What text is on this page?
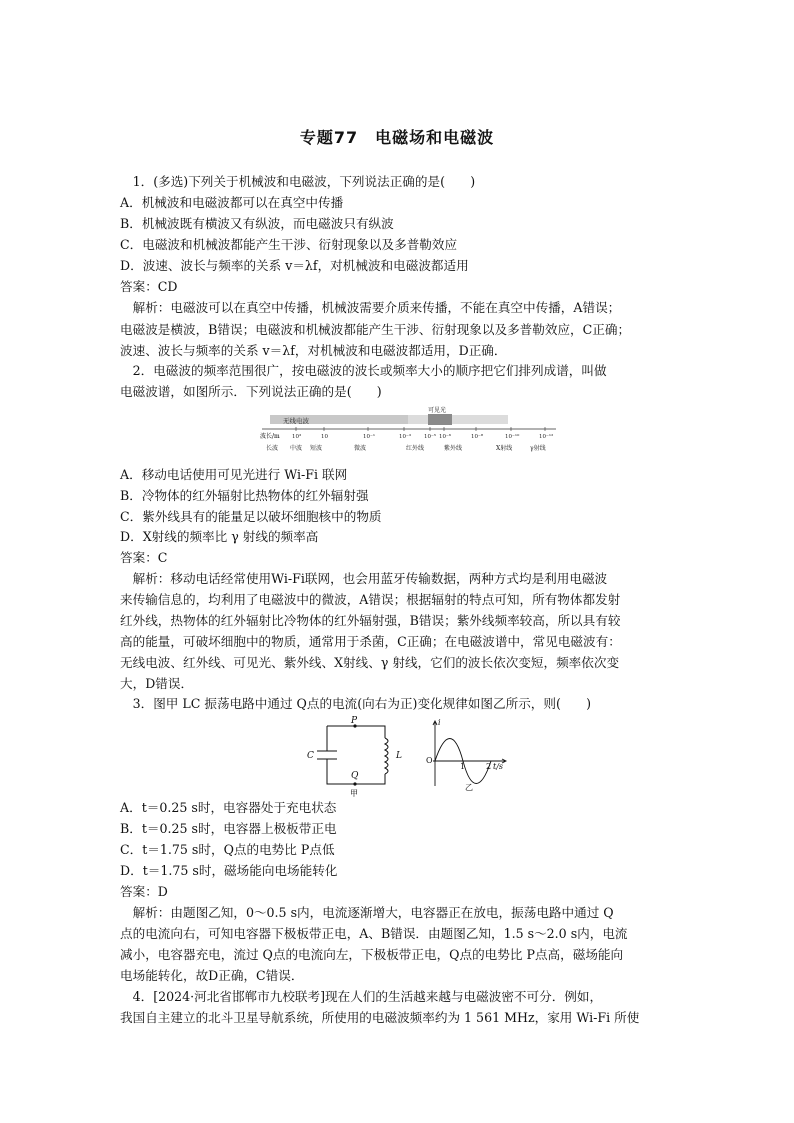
专题77　电磁场和电磁波
　1．(多选)下列关于机械波和电磁波，下列说法正确的是(　　)
A．机械波和电磁波都可以在真空中传播
B．机械波既有横波又有纵波，而电磁波只有纵波
C．电磁波和机械波都能产生干涉、衍射现象以及多普勒效应
D．波速、波长与频率的关系 v＝λf，对机械波和电磁波都适用
答案：CD
　解析：电磁波可以在真空中传播，机械波需要介质来传播，不能在真空中传播，A错误；
电磁波是横波，B错误；电磁波和机械波都能产生干涉、衍射现象以及多普勒效应，C正确；
波速、波长与频率的关系 v＝λf，对机械波和电磁波都适用，D正确．
　2．电磁波的频率范围很广，按电磁波的波长或频率大小的顺序把它们排列成谱，叫做
电磁波谱，如图所示．下列说法正确的是(　　)
A．移动电话使用可见光进行 Wi-Fi 联网
B．冷物体的红外辐射比热物体的红外辐射强
C．紫外线具有的能量足以破坏细胞核中的物质
D．X射线的频率比 γ 射线的频率高
答案：C
　解析：移动电话经常使用Wi-Fi联网，也会用蓝牙传输数据，两种方式均是利用电磁波
来传输信息的，均利用了电磁波中的微波，A错误；根据辐射的特点可知，所有物体都发射
红外线，热物体的红外辐射比冷物体的红外辐射强，B错误；紫外线频率较高，所以具有较
高的能量，可破坏细胞中的物质，通常用于杀菌，C正确；在电磁波谱中，常见电磁波有：
无线电波、红外线、可见光、紫外线、X射线、γ 射线，它们的波长依次变短，频率依次变
大，D错误．
　3．图甲 LC 振荡电路中通过 Q点的电流(向右为正)变化规律如图乙所示，则(　　)
A．t＝0.25 s时，电容器处于充电状态
B．t＝0.25 s时，电容器上极板带正电
C．t＝1.75 s时，Q点的电势比 P点低
D．t＝1.75 s时，磁场能向电场能转化
答案：D
　解析：由题图乙知，0～0.5 s内，电流逐渐增大，电容器正在放电，振荡电路中通过 Q
点的电流向右，可知电容器下极板带正电，A、B错误．由题图乙知，1.5 s～2.0 s内，电流
减小，电容器充电，流过 Q点的电流向左，下极板带正电，Q点的电势比 P点高，磁场能向
电场能转化，故D正确，C错误．
　4．[2024·河北省邯郸市九校联考]现在人们的生活越来越与电磁波密不可分．例如，
我国自主建立的北斗卫星导航系统，所使用的电磁波频率约为 1 561 MHz，家用 Wi-Fi 所使
无线电波
可见光
波长/m 10³	10	10⁻¹	10⁻³ 10⁻⁵ 10⁻⁶	10⁻⁸	10⁻¹⁰	10⁻¹²
长波 中波 短波	微波	红外线	紫外线	X射线	γ射线
C	L
P
Q
甲
i
O
1	2 t/s
乙
